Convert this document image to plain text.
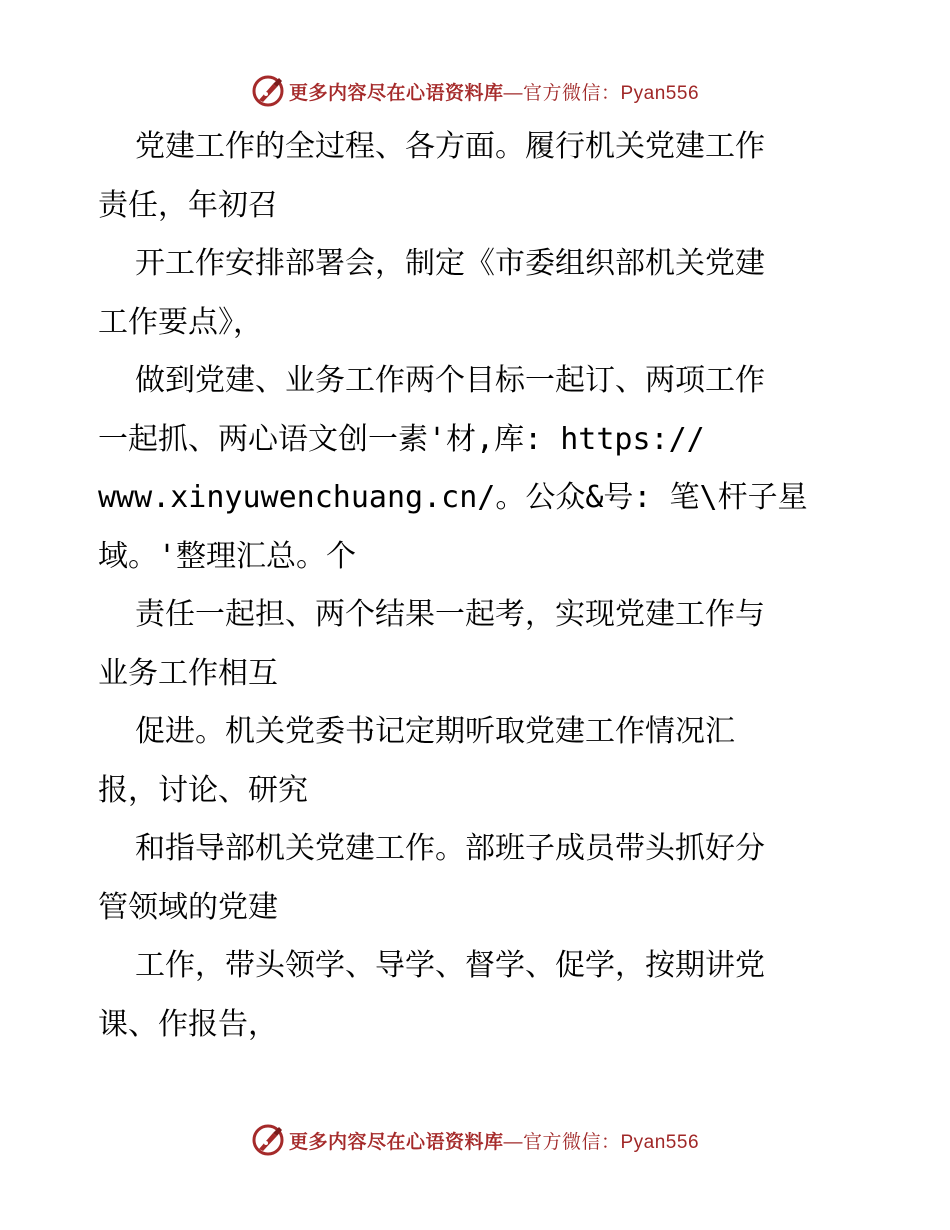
更多内容尽在心语资料库—官方微信：Pyan556
党建工作的全过程、各方面。履行机关党建工作
责任，年初召
开工作安排部署会，制定《市委组织部机关党建
工作要点》，
做到党建、业务工作两个目标一起订、两项工作
一起抓、两心语文创一素'材,库: https://
www.xinyuwenchuang.cn/。公众&号: 笔\杆子星
域。'整理汇总。个
责任一起担、两个结果一起考，实现党建工作与
业务工作相互
促进。机关党委书记定期听取党建工作情况汇
报，讨论、研究
和指导部机关党建工作。部班子成员带头抓好分
管领域的党建
工作，带头领学、导学、督学、促学，按期讲党
课、作报告，
更多内容尽在心语资料库—官方微信：Pyan556
